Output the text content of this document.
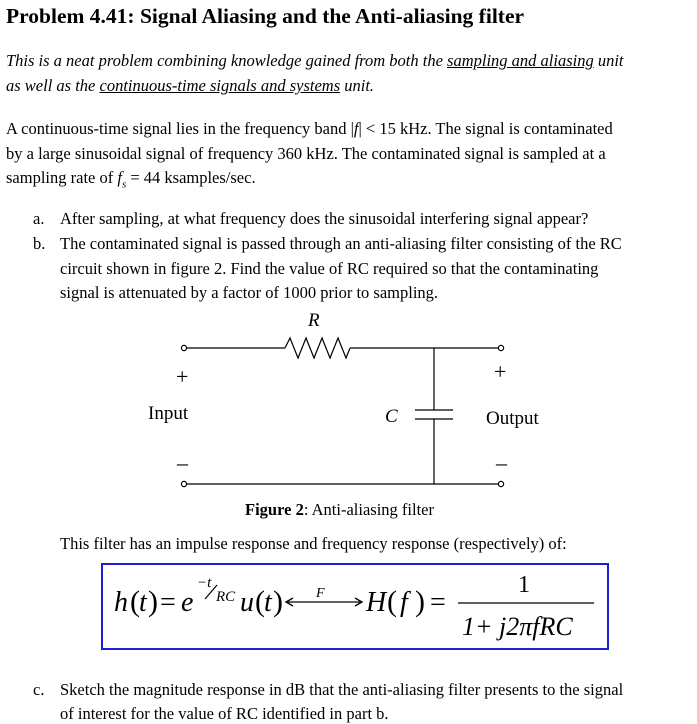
Problem 4.41: Signal Aliasing and the Anti-aliasing filter
This is a neat problem combining knowledge gained from both the sampling and aliasing unit
as well as the continuous-time signals and systems unit.
A continuous-time signal lies in the frequency band |f| < 15 kHz. The signal is contaminated
by a large sinusoidal signal of frequency 360 kHz. The contaminated signal is sampled at a
sampling rate of $f_s = 44$ ksamples/sec.
a. After sampling, at what frequency does the sinusoidal interfering signal appear?
b. The contaminated signal is passed through an anti-aliasing filter consisting of the RC
circuit shown in figure 2. Find the value of RC required so that the contaminating
signal is attenuated by a factor of 1000 prior to sampling.
R
C
Input	Output
+	+
–	–
Figure 2: Anti-aliasing filter
This filter has an impulse response and frequency response (respectively) of:
h ( t ) = e
−t
RC u ( t ) F H ( f ) =
1
1+ j2πfRC
c. Sketch the magnitude response in dB that the anti-aliasing filter presents to the signal
of interest for the value of RC identified in part b.
